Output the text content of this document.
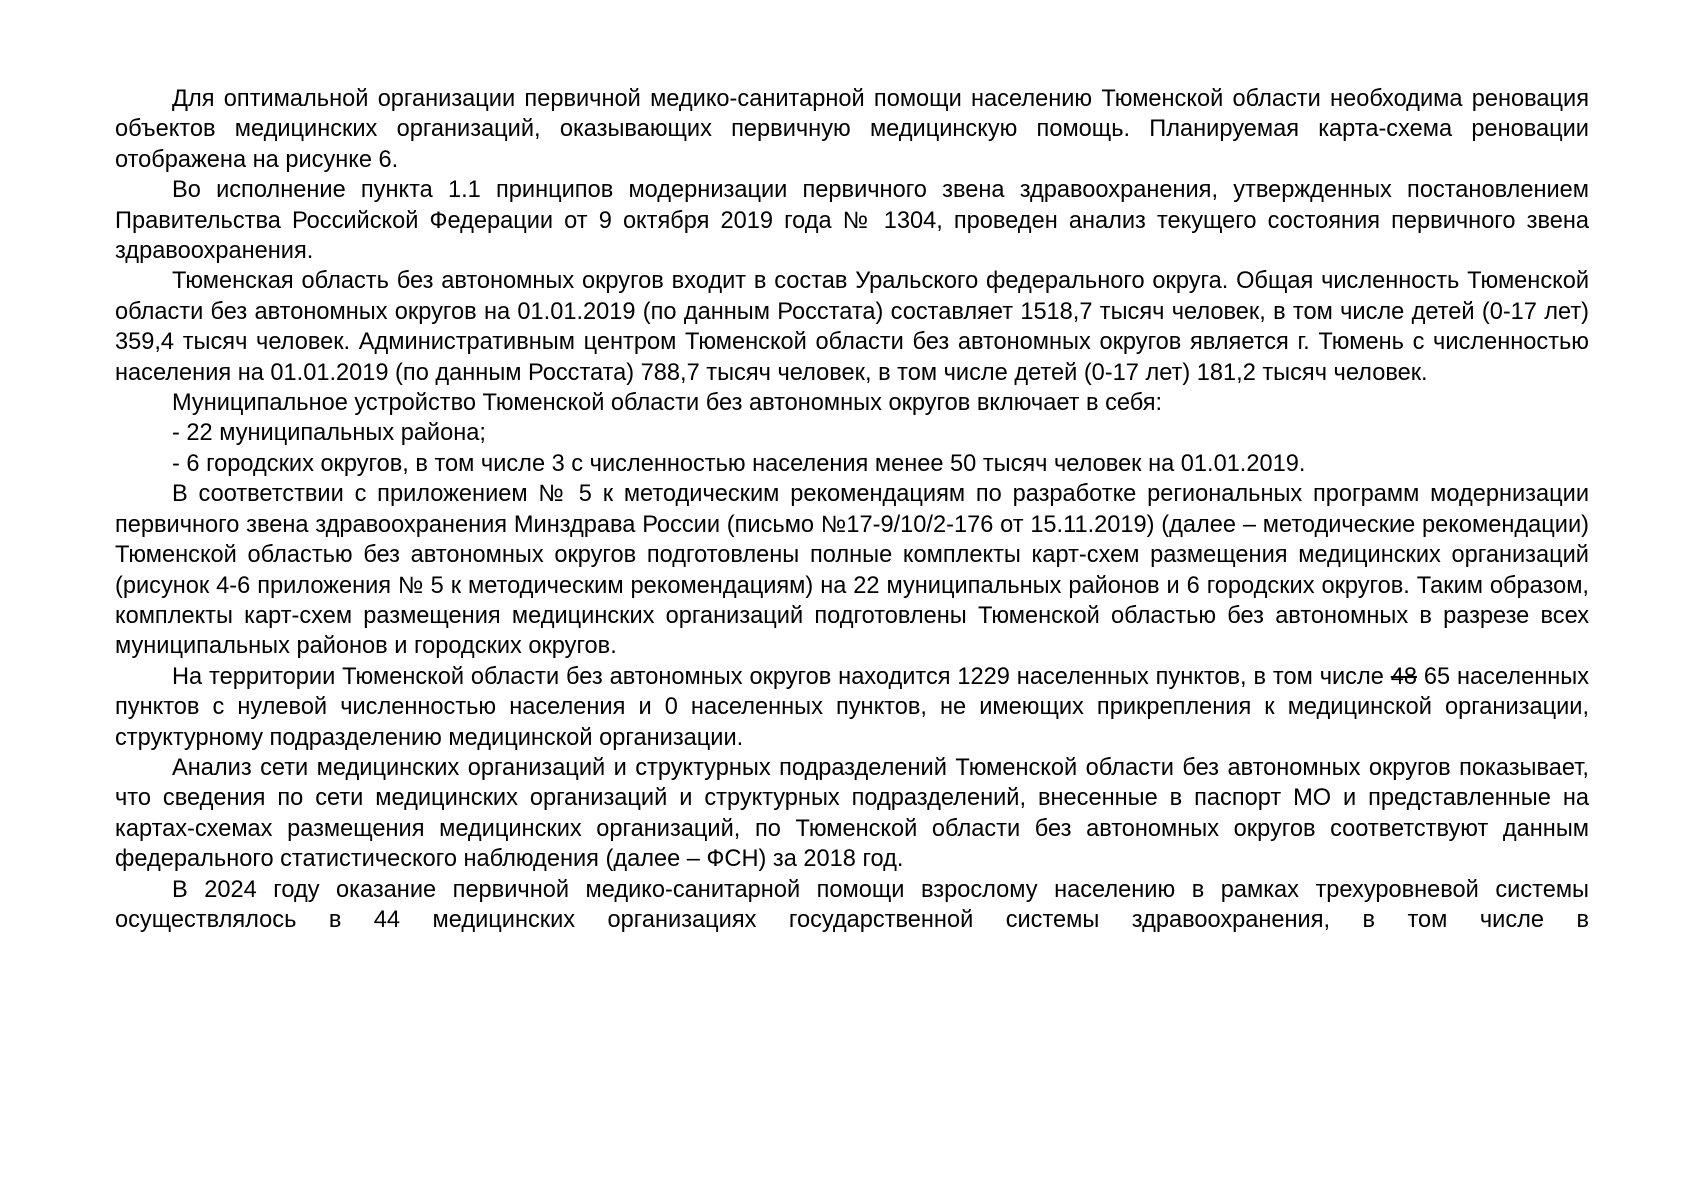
Для оптимальной организации первичной медико-санитарной помощи населению Тюменской области необходима реновация объектов медицинских организаций, оказывающих первичную медицинскую помощь. Планируемая карта-схема реновации отображена на рисунке 6.

Во исполнение пункта 1.1 принципов модернизации первичного звена здравоохранения, утвержденных постановлением Правительства Российской Федерации от 9 октября 2019 года № 1304, проведен анализ текущего состояния первичного звена здравоохранения.

Тюменская область без автономных округов входит в состав Уральского федерального округа. Общая численность Тюменской области без автономных округов на 01.01.2019 (по данным Росстата) составляет 1518,7 тысяч человек, в том числе детей (0-17 лет) 359,4 тысяч человек. Административным центром Тюменской области без автономных округов является г. Тюмень с численностью населения на 01.01.2019 (по данным Росстата) 788,7 тысяч человек, в том числе детей (0-17 лет) 181,2 тысяч человек.

Муниципальное устройство Тюменской области без автономных округов включает в себя:

- 22 муниципальных района;

- 6 городских округов, в том числе 3 с численностью населения менее 50 тысяч человек на 01.01.2019.

В соответствии с приложением № 5 к методическим рекомендациям по разработке региональных программ модернизации первичного звена здравоохранения Минздрава России (письмо №17-9/10/2-176 от 15.11.2019) (далее – методические рекомендации) Тюменской областью без автономных округов подготовлены полные комплекты карт-схем размещения медицинских организаций (рисунок 4-6 приложения № 5 к методическим рекомендациям) на 22 муниципальных районов и 6 городских округов. Таким образом, комплекты карт-схем размещения медицинских организаций подготовлены Тюменской областью без автономных в разрезе всех муниципальных районов и городских округов.

На территории Тюменской области без автономных округов находится 1229 населенных пунктов, в том числе 48 65 населенных пунктов с нулевой численностью населения и 0 населенных пунктов, не имеющих прикрепления к медицинской организации, структурному подразделению медицинской организации.

Анализ сети медицинских организаций и структурных подразделений Тюменской области без автономных округов показывает, что сведения по сети медицинских организаций и структурных подразделений, внесенные в паспорт МО и представленные на картах-схемах размещения медицинских организаций, по Тюменской области без автономных округов соответствуют данным федерального статистического наблюдения (далее – ФСН) за 2018 год.

В 2024 году оказание первичной медико-санитарной помощи взрослому населению в рамках трехуровневой системы осуществлялось в 44 медицинских организациях государственной системы здравоохранения, в том числе в
